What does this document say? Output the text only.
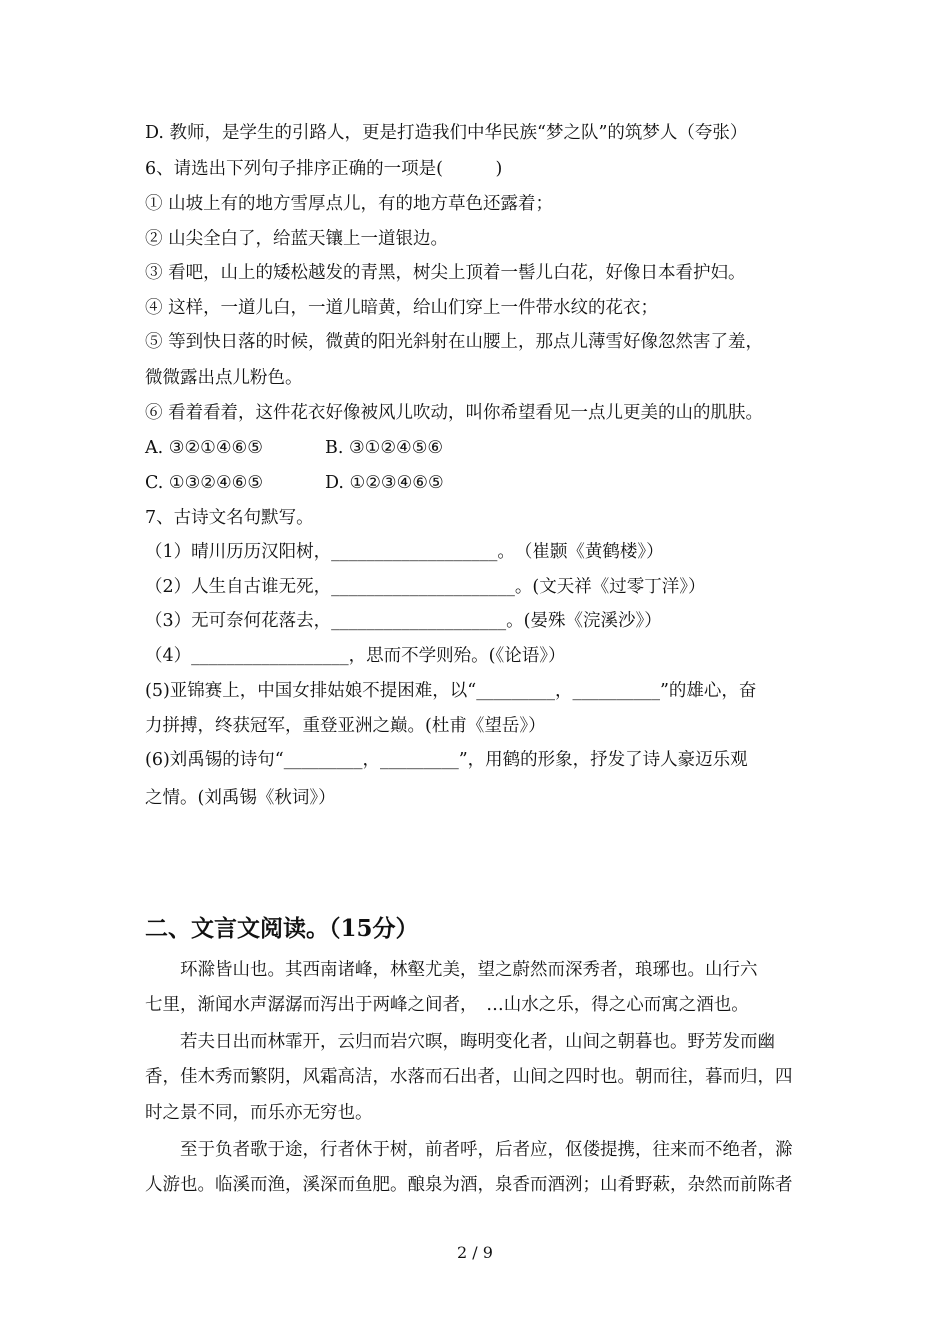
D. 教师，是学生的引路人，更是打造我们中华民族“梦之队”的筑梦人（夸张）
6、请选出下列句子排序正确的一项是(　　　)
① 山坡上有的地方雪厚点儿，有的地方草色还露着；
② 山尖全白了，给蓝天镶上一道银边。
③ 看吧，山上的矮松越发的青黑，树尖上顶着一髻儿白花，好像日本看护妇。
④ 这样，一道儿白，一道儿暗黄，给山们穿上一件带水纹的花衣；
⑤ 等到快日落的时候，微黄的阳光斜射在山腰上，那点儿薄雪好像忽然害了羞，
微微露出点儿粉色。
⑥ 看着看着，这件花衣好像被风儿吹动，叫你希望看见一点儿更美的山的肌肤。
A. ③②①④⑥⑤	B. ③①②④⑤⑥
C. ①③②④⑥⑤	D. ①②③④⑥⑤
7、古诗文名句默写。
（1）晴川历历汉阳树，___________________。　（崔颢《黄鹤楼》）
（2）人生自古谁无死，_____________________。(文天祥《过零丁洋》）
（3）无可奈何花落去，____________________。(晏殊《浣溪沙》）
（4）__________________，思而不学则殆。(《论语》）
(5)亚锦赛上，中国女排姑娘不提困难，以“_________，__________”的雄心，奋
力拼搏，终获冠军，重登亚洲之巅。(杜甫《望岳》）
(6)刘禹锡的诗句“_________，_________”，用鹤的形象，抒发了诗人豪迈乐观
之情。(刘禹锡《秋词》）
二、文言文阅读。（15分）
　　环滁皆山也。其西南诸峰，林壑尤美，望之蔚然而深秀者，琅琊也。山行六
七里，渐闻水声潺潺而泻出于两峰之间者，　…山水之乐，得之心而寓之酒也。
　　若夫日出而林霏开，云归而岩穴暝，晦明变化者，山间之朝暮也。野芳发而幽
香，佳木秀而繁阴，风霜高洁，水落而石出者，山间之四时也。朝而往，暮而归，四
时之景不同，而乐亦无穷也。
　　至于负者歌于途，行者休于树，前者呼，后者应，伛偻提携，往来而不绝者，滁
人游也。临溪而渔，溪深而鱼肥。酿泉为酒，泉香而酒洌；山肴野蔌，杂然而前陈者
2 / 9
